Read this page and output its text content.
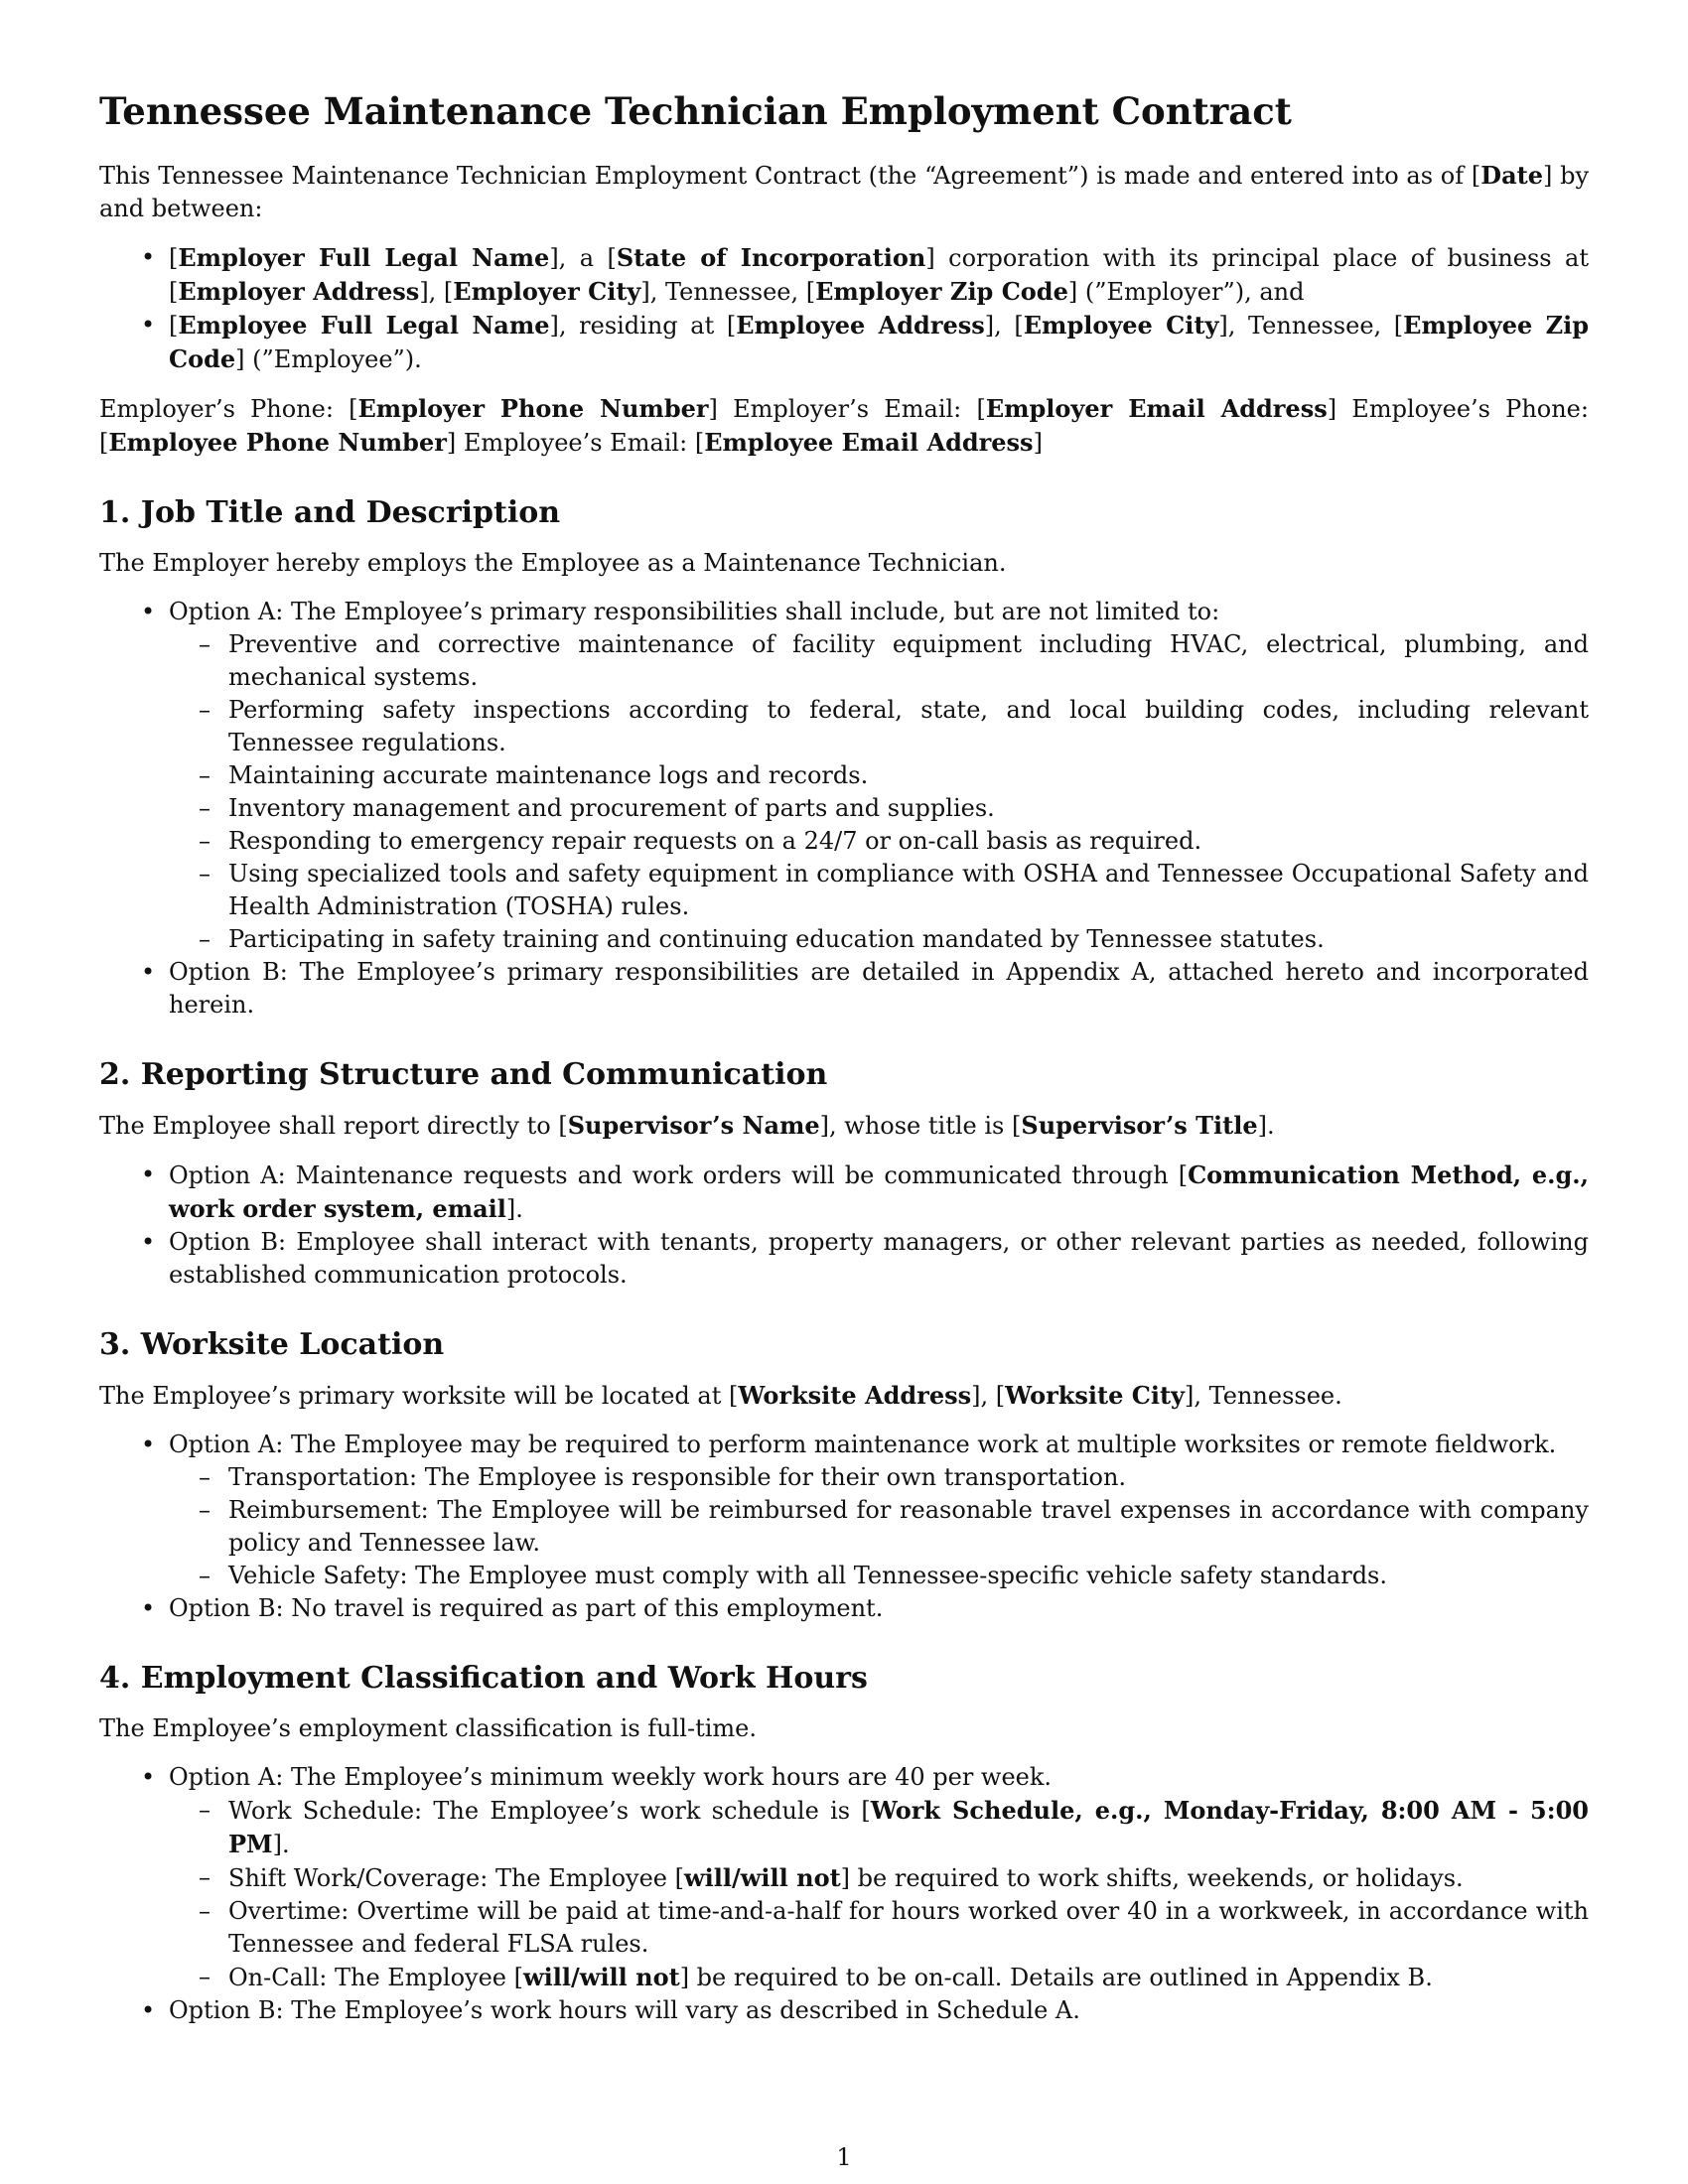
Tennessee Maintenance Technician Employment Contract

This Tennessee Maintenance Technician Employment Contract (the “Agreement”) is made and entered into as of [Date] by and between:

• [Employer Full Legal Name], a [State of Incorporation] corporation with its principal place of business at [Employer Address], [Employer City], Tennessee, [Employer Zip Code] (”Employer”), and
• [Employee Full Legal Name], residing at [Employee Address], [Employee City], Tennessee, [Employee Zip Code] (”Employee”).

Employer’s Phone: [Employer Phone Number] Employer’s Email: [Employer Email Address] Employee’s Phone: [Employee Phone Number] Employee’s Email: [Employee Email Address]

1. Job Title and Description

The Employer hereby employs the Employee as a Maintenance Technician.

• Option A: The Employee’s primary responsibilities shall include, but are not limited to:
– Preventive and corrective maintenance of facility equipment including HVAC, electrical, plumbing, and mechanical systems.
– Performing safety inspections according to federal, state, and local building codes, including relevant Tennessee regulations.
– Maintaining accurate maintenance logs and records.
– Inventory management and procurement of parts and supplies.
– Responding to emergency repair requests on a 24/7 or on-call basis as required.
– Using specialized tools and safety equipment in compliance with OSHA and Tennessee Occupational Safety and Health Administration (TOSHA) rules.
– Participating in safety training and continuing education mandated by Tennessee statutes.
• Option B: The Employee’s primary responsibilities are detailed in Appendix A, attached hereto and incorporated herein.
2. Reporting Structure and Communication

The Employee shall report directly to [Supervisor’s Name], whose title is [Supervisor’s Title].

• Option A: Maintenance requests and work orders will be communicated through [Communication Method, e.g., work order system, email].
• Option B: Employee shall interact with tenants, property managers, or other relevant parties as needed, following established communication protocols.
3. Worksite Location

The Employee’s primary worksite will be located at [Worksite Address], [Worksite City], Tennessee.

• Option A: The Employee may be required to perform maintenance work at multiple worksites or remote fieldwork.
– Transportation: The Employee is responsible for their own transportation.
– Reimbursement: The Employee will be reimbursed for reasonable travel expenses in accordance with company policy and Tennessee law.
– Vehicle Safety: The Employee must comply with all Tennessee-specific vehicle safety standards.
• Option B: No travel is required as part of this employment.
4. Employment Classification and Work Hours

The Employee’s employment classification is full-time.

• Option A: The Employee’s minimum weekly work hours are 40 per week.
– Work Schedule: The Employee’s work schedule is [Work Schedule, e.g., Monday-Friday, 8:00 AM - 5:00 PM].
– Shift Work/Coverage: The Employee [will/will not] be required to work shifts, weekends, or holidays.
– Overtime: Overtime will be paid at time-and-a-half for hours worked over 40 in a workweek, in accordance with Tennessee and federal FLSA rules.
– On-Call: The Employee [will/will not] be required to be on-call. Details are outlined in Appendix B.
• Option B: The Employee’s work hours will vary as described in Schedule A.
1
